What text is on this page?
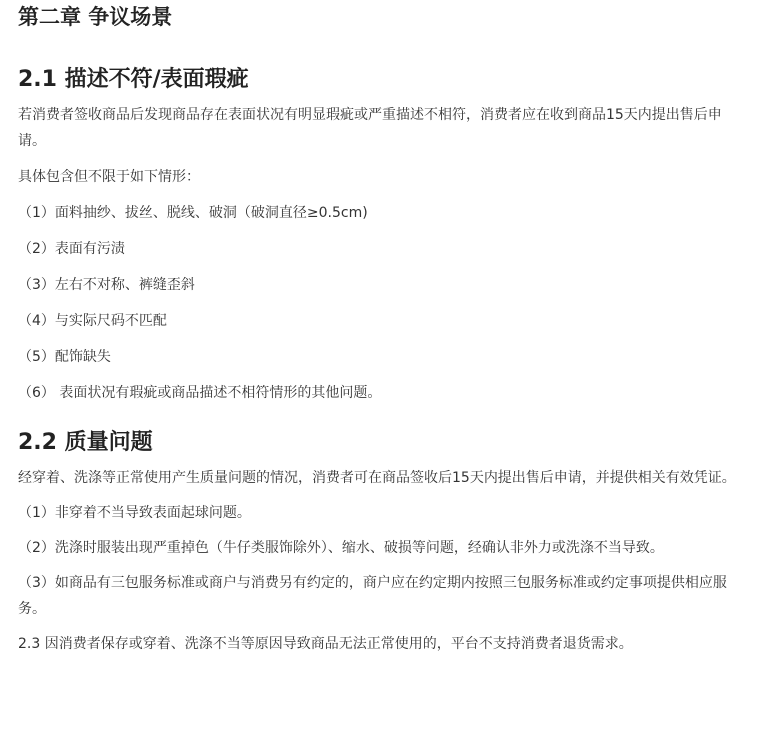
第二章 争议场景
2.1 描述不符/表面瑕疵

若消费者签收商品后发现商品存在表面状况有明显瑕疵或严重描述不相符，消费者应在收到商品15天内提出售后申请。

具体包含但不限于如下情形：

（1）面料抽纱、拔丝、脱线、破洞（破洞直径≥0.5cm)

（2）表面有污渍

（3）左右不对称、裤缝歪斜

（4）与实际尺码不匹配

（5）配饰缺失

（6） 表面状况有瑕疵或商品描述不相符情形的其他问题。

2.2 质量问题

经穿着、洗涤等正常使用产生质量问题的情况，消费者可在商品签收后15天内提出售后申请，并提供相关有效凭证。

（1）非穿着不当导致表面起球问题。

（2）洗涤时服装出现严重掉色（牛仔类服饰除外）、缩水、破损等问题，经确认非外力或洗涤不当导致。

（3）如商品有三包服务标准或商户与消费另有约定的，商户应在约定期内按照三包服务标准或约定事项提供相应服务。

2.3 因消费者保存或穿着、洗涤不当等原因导致商品无法正常使用的，平台不支持消费者退货需求。
